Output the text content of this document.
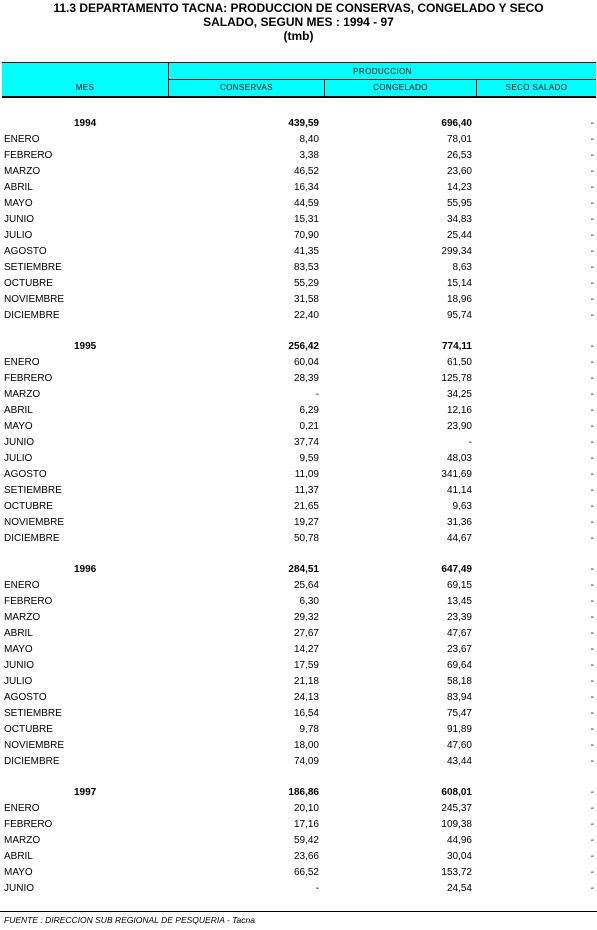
11.3 DEPARTAMENTO TACNA: PRODUCCION DE CONSERVAS, CONGELADO Y SECO
SALADO, SEGUN MES : 1994 - 97
(tmb)
MES
PRODUCCION
CONSERVAS	CONGELADO	SECO SALADO
1994	439,59	696,40	-
ENERO	8,40	78,01	-
FEBRERO	3,38	26,53	-
MARZO	46,52	23,60	-
ABRIL	16,34	14,23	-
MAYO	44,59	55,95	-
JUNIO	15,31	34,83	-
JULIO	70,90	25,44	-
AGOSTO	41,35	299,34	-
SETIEMBRE	83,53	8,63	-
OCTUBRE	55,29	15,14	-
NOVIEMBRE	31,58	18,96	-
DICIEMBRE	22,40	95,74	-
1995	256,42	774,11	-
ENERO	60,04	61,50	-
FEBRERO	28,39	125,78	-
MARZO	-	34,25	-
ABRIL	6,29	12,16	-
MAYO	0,21	23,90	-
JUNIO	37,74	-	-
JULIO	9,59	48,03	-
AGOSTO	11,09	341,69	-
SETIEMBRE	11,37	41,14	-
OCTUBRE	21,65	9,63	-
NOVIEMBRE	19,27	31,36	-
DICIEMBRE	50,78	44,67	-
1996	284,51	647,49	-
ENERO	25,64	69,15	-
FEBRERO	6,30	13,45	-
MARZO	29,32	23,39	-
ABRIL	27,67	47,67	-
MAYO	14,27	23,67	-
JUNIO	17,59	69,64	-
JULIO	21,18	58,18	-
AGOSTO	24,13	83,94	-
SETIEMBRE	16,54	75,47	-
OCTUBRE	9,78	91,89	-
NOVIEMBRE	18,00	47,60	-
DICIEMBRE	74,09	43,44	-
1997	186,86	608,01	-
ENERO	20,10	245,37	-
FEBRERO	17,16	109,38	-
MARZO	59,42	44,96	-
ABRIL	23,66	30,04	-
MAYO	66,52	153,72	-
JUNIO	-	24,54	-
FUENTE : DIRECCION SUB REGIONAL DE PESQUERIA - Tacna
